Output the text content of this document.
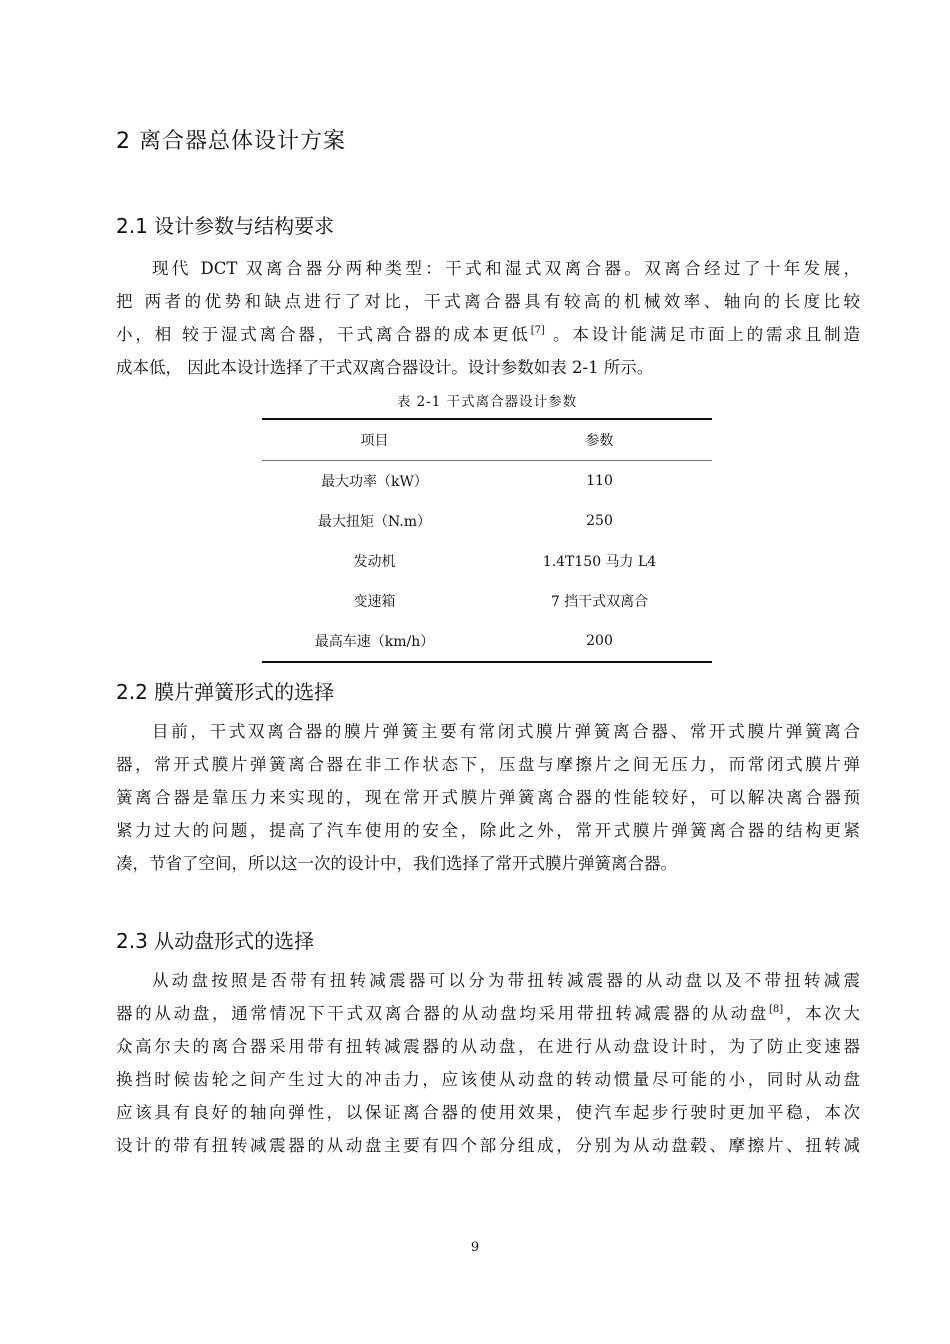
2 离合器总体设计方案
2.1 设计参数与结构要求
现代 DCT 双离合器分两种类型：干式和湿式双离合器。双离合经过了十年发展，
把 两者的优势和缺点进行了对比，干式离合器具有较高的机械效率、轴向的长度比较
小，相 较于湿式离合器，干式离合器的成本更低[7] 。本设计能满足市面上的需求且制造
成本低， 因此本设计选择了干式双离合器设计。设计参数如表 2-1 所示。
表 2-1 干式离合器设计参数
项目	参数
最大功率（kW）	110
最大扭矩（N.m）	250
发动机	1.4T150 马力 L4
变速箱	7 挡干式双离合
最高车速（km/h）	200
2.2 膜片弹簧形式的选择
目前，干式双离合器的膜片弹簧主要有常闭式膜片弹簧离合器、常开式膜片弹簧离合
器，常开式膜片弹簧离合器在非工作状态下，压盘与摩擦片之间无压力，而常闭式膜片弹
簧离合器是靠压力来实现的，现在常开式膜片弹簧离合器的性能较好，可以解决离合器预
紧力过大的问题，提高了汽车使用的安全，除此之外，常开式膜片弹簧离合器的结构更紧
凑，节省了空间，所以这一次的设计中，我们选择了常开式膜片弹簧离合器。
2.3 从动盘形式的选择
从动盘按照是否带有扭转减震器可以分为带扭转减震器的从动盘以及不带扭转减震
器的从动盘，通常情况下干式双离合器的从动盘均采用带扭转减震器的从动盘[8]，本次大
众高尔夫的离合器采用带有扭转减震器的从动盘，在进行从动盘设计时，为了防止变速器
换挡时候齿轮之间产生过大的冲击力，应该使从动盘的转动惯量尽可能的小，同时从动盘
应该具有良好的轴向弹性，以保证离合器的使用效果，使汽车起步行驶时更加平稳，本次
设计的带有扭转减震器的从动盘主要有四个部分组成，分别为从动盘毂、摩擦片、扭转减
9
